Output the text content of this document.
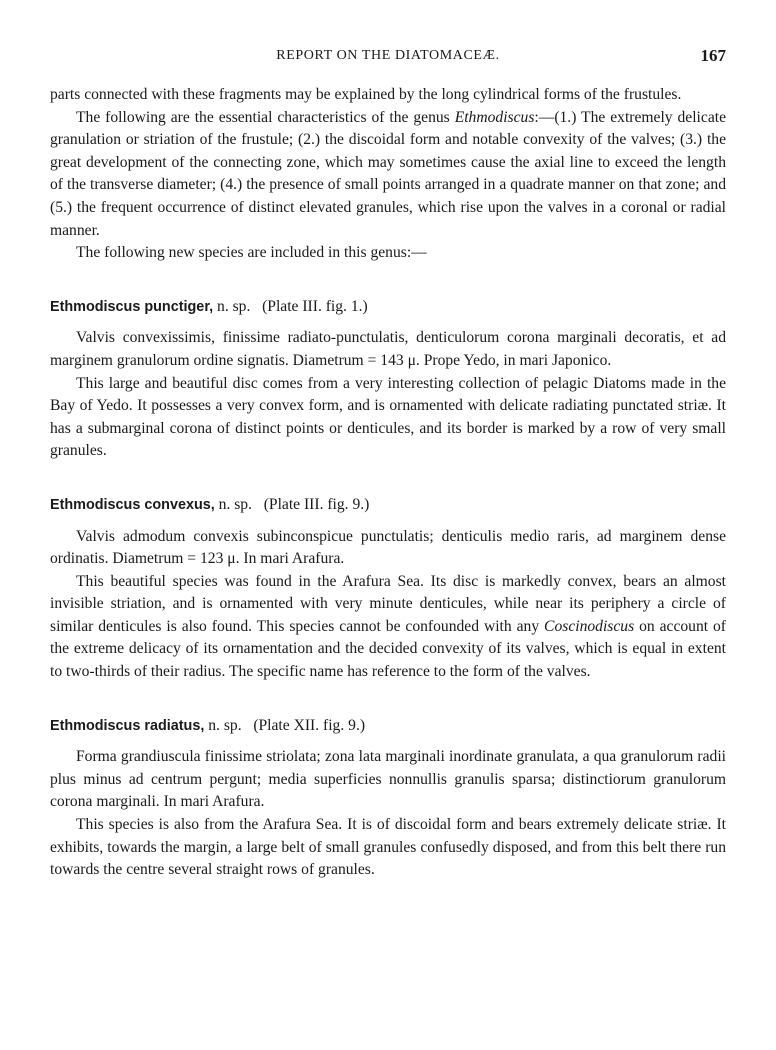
REPORT ON THE DIATOMACEÆ.	167

parts connected with these fragments may be explained by the long cylindrical forms of the frustules.

The following are the essential characteristics of the genus Ethmodiscus:—(1.) The extremely delicate granulation or striation of the frustule; (2.) the discoidal form and notable convexity of the valves; (3.) the great development of the connecting zone, which may sometimes cause the axial line to exceed the length of the transverse diameter; (4.) the presence of small points arranged in a quadrate manner on that zone; and (5.) the frequent occurrence of distinct elevated granules, which rise upon the valves in a coronal or radial manner.

The following new species are included in this genus:—

Ethmodiscus punctiger, n. sp. (Plate III. fig. 1.)

Valvis convexissimis, finissime radiato-punctulatis, denticulorum corona marginali decoratis, et ad marginem granulorum ordine signatis. Diametrum = 143 μ. Prope Yedo, in mari Japonico.

This large and beautiful disc comes from a very interesting collection of pelagic Diatoms made in the Bay of Yedo. It possesses a very convex form, and is ornamented with delicate radiating punctated striæ. It has a submarginal corona of distinct points or denticules, and its border is marked by a row of very small granules.

Ethmodiscus convexus, n. sp. (Plate III. fig. 9.)

Valvis admodum convexis subinconspicue punctulatis; denticulis medio raris, ad marginem dense ordinatis. Diametrum = 123 μ. In mari Arafura.

This beautiful species was found in the Arafura Sea. Its disc is markedly convex, bears an almost invisible striation, and is ornamented with very minute denticules, while near its periphery a circle of similar denticules is also found. This species cannot be confounded with any Coscinodiscus on account of the extreme delicacy of its ornamentation and the decided convexity of its valves, which is equal in extent to two-thirds of their radius. The specific name has reference to the form of the valves.

Ethmodiscus radiatus, n. sp. (Plate XII. fig. 9.)

Forma grandiuscula finissime striolata; zona lata marginali inordinate granulata, a qua granulorum radii plus minus ad centrum pergunt; media superficies nonnullis granulis sparsa; distinctiorum granulorum corona marginali. In mari Arafura.

This species is also from the Arafura Sea. It is of discoidal form and bears extremely delicate striæ. It exhibits, towards the margin, a large belt of small granules confusedly disposed, and from this belt there run towards the centre several straight rows of granules.
